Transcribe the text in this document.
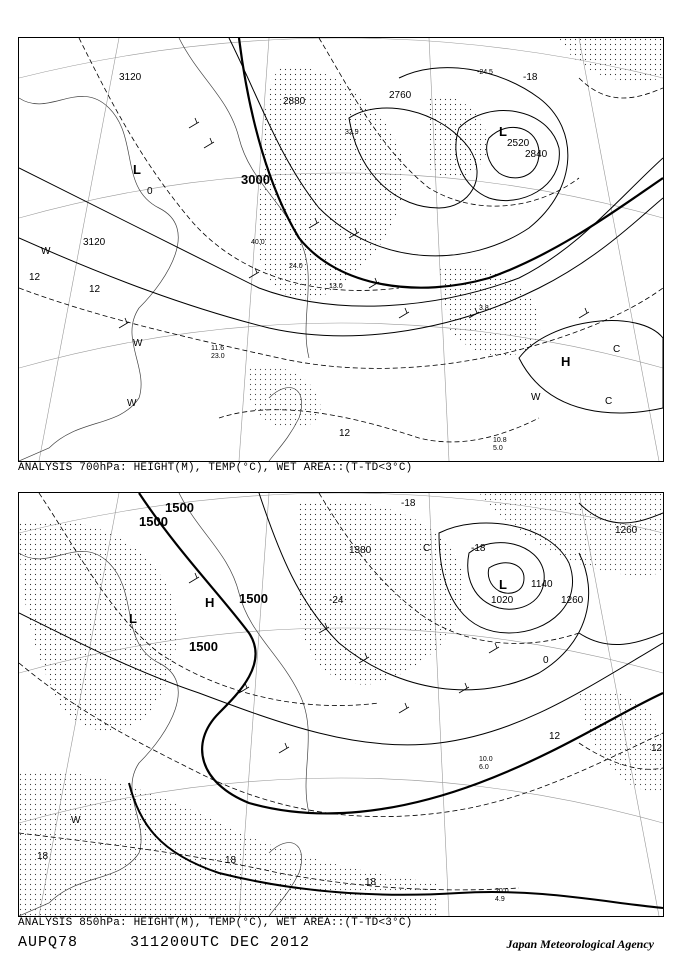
3120
3120
2880
2760
3000
2520
2840
12
12
0
-18
12
-24.5
10.8
L
L
H
W
W
W
W
C
C
32.9
40.0
13.0
24.0
11.6
23.0
3.8
5.0
ANALYSIS 700hPa: HEIGHT(M), TEMP(°C), WET AREA::(T-TD<3°C)
1500
1500
1500
1500
1380
1020
1140
1260
1260
-18
-24
-18
12
18	18
12
18
0
L
L
H
C
W
20.0
4.9
10.0
6.0
ANALYSIS 850hPa: HEIGHT(M), TEMP(°C), WET AREA::(T-TD<3°C)
AUPQ78	311200UTC DEC 2012	Japan Meteorological Agency
